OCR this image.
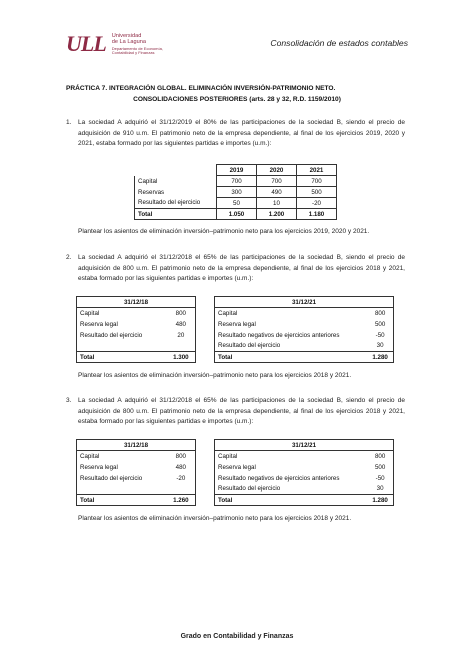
ULL Universidad
de La Laguna
Departamento de Economía,
Contabilidad y Finanzas
Consolidación de estados contables
PRÁCTICA 7. INTEGRACIÓN GLOBAL. ELIMINACIÓN INVERSIÓN-PATRIMONIO NETO.
CONSOLIDACIONES POSTERIORES (arts. 28 y 32, R.D. 1159/2010)
1. La sociedad A adquirió el 31/12/2019 el 80% de las participaciones de la sociedad B, siendo el precio de adquisición de 910 u.m. El patrimonio neto de la empresa dependiente, al final de los ejercicios 2019, 2020 y 2021, estaba formado por las siguientes partidas e importes (u.m.):
	2019	2020	2021
Capital	700	700	700
Reservas	300	490	500
Resultado del ejercicio	50	10	-20
Total	1.050	1.200	1.180
Plantear los asientos de eliminación inversión–patrimonio neto para los ejercicios 2019, 2020 y 2021.
2. La sociedad A adquirió el 31/12/2018 el 65% de las participaciones de la sociedad B, siendo el precio de adquisición de 800 u.m. El patrimonio neto de la empresa dependiente, al final de los ejercicios 2018 y 2021, estaba formado por las siguientes partidas e importes (u.m.):
31/12/18	
Capital	800
Reserva legal	480
Resultado del ejercicio	20

Total	1.300
31/12/21	
Capital	800
Reserva legal	500
Resultado negativos de ejercicios anteriores	-50
Resultado del ejercicio	30
Total	1.280
Plantear los asientos de eliminación inversión–patrimonio neto para los ejercicios 2018 y 2021.
3. La sociedad A adquirió el 31/12/2018 el 65% de las participaciones de la sociedad B, siendo el precio de adquisición de 800 u.m. El patrimonio neto de la empresa dependiente, al final de los ejercicios 2018 y 2021, estaba formado por las siguientes partidas e importes (u.m.):
31/12/18	
Capital	800
Reserva legal	480
Resultado del ejercicio	-20

Total	1.260
31/12/21	
Capital	800
Reserva legal	500
Resultado negativos de ejercicios anteriores	-50
Resultado del ejercicio	30
Total	1.280
Plantear los asientos de eliminación inversión–patrimonio neto para los ejercicios 2018 y 2021.
Grado en Contabilidad y Finanzas
